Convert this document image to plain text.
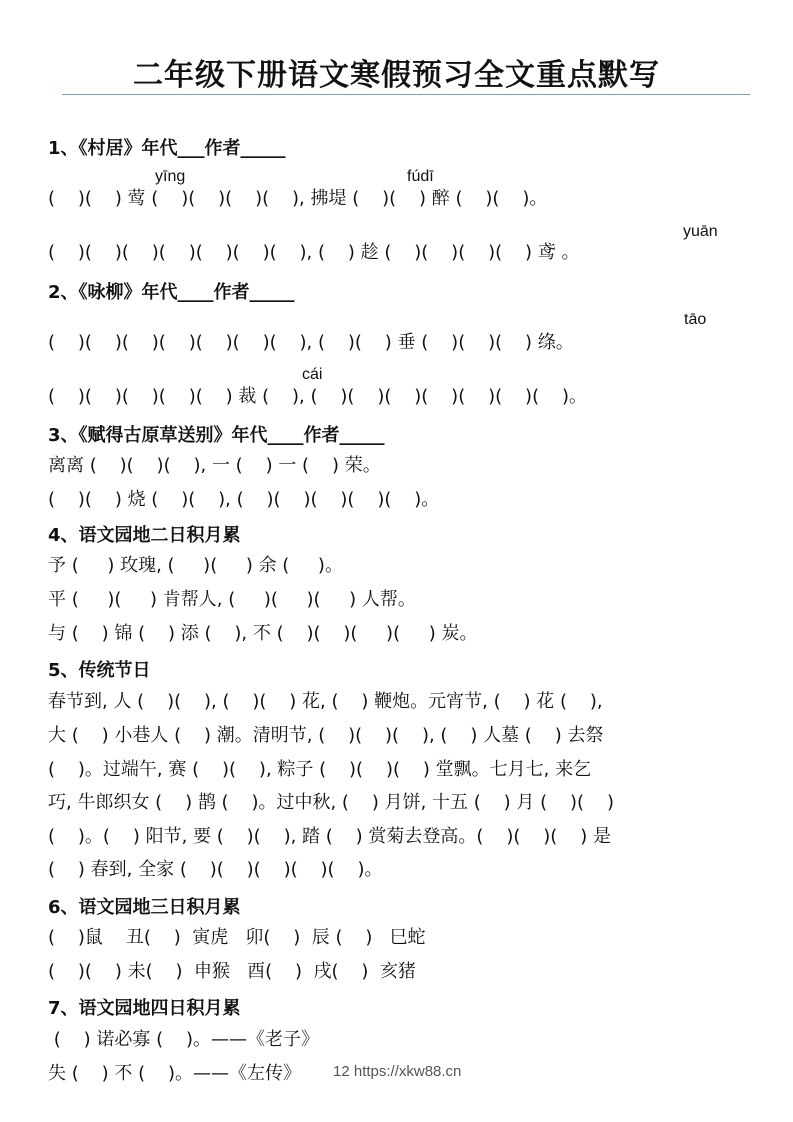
二年级下册语文寒假预习全文重点默写
1、《村居》年代___作者_____
yīng	fúdī
yuān
(    )(    ) 莺 (    )(    )(    )(    ), 拂堤 (    )(    ) 醉 (    )(    )。
(    )(    )(    )(    )(    )(    )(    ), (    ) 趁 (    )(    )(    )(    ) 鸢 。
2、《咏柳》年代____作者_____
tāo
cái
(    )(    )(    )(    )(    )(    )(    ), (    )(    ) 垂 (    )(    )(    ) 绦。
(    )(    )(    )(    )(    ) 裁 (    ), (    )(    )(    )(    )(    )(    )(    )。
3、《赋得古原草送别》年代____作者_____
离离 (    )(    )(    ), 一 (    ) 一 (    ) 荣。
(    )(    ) 烧 (    )(    ), (    )(    )(    )(    )(    )。
4、语文园地二日积月累
予 (     ) 玫瑰, (     )(     ) 余 (     )。
平 (     )(     ) 肯帮人, (     )(     )(     ) 人帮。
与 (    ) 锦 (    ) 添 (    ), 不 (    )(    )(     )(     ) 炭。
5、传统节日
春节到, 人 (    )(    ), (    )(    ) 花, (    ) 鞭炮。元宵节, (    ) 花 (    ),
大 (    ) 小巷人 (    ) 潮。清明节, (    )(    )(    ), (    ) 人墓 (    ) 去祭
(    )。过端午, 赛 (    )(    ), 粽子 (    )(    )(    ) 堂飘。七月七, 来乞
巧, 牛郎织女 (    ) 鹊 (    )。过中秋, (    ) 月饼, 十五 (    ) 月 (    )(    )
(    )。(    ) 阳节, 要 (    )(    ), 踏 (    ) 赏菊去登高。(    )(    )(    ) 是
(    ) 春到, 全家 (    )(    )(    )(    )(    )。
6、语文园地三日积月累
(    )鼠    丑(    )  寅虎   卯(    )  辰 (    )   巳蛇
(    )(    ) 未(    )  申猴   酉(    )  戌(    )  亥猪
7、语文园地四日积月累
(    ) 诺必寡 (    )。——《老子》
失 (    ) 不 (    )。——《左传》 12 https://xkw88.cn
